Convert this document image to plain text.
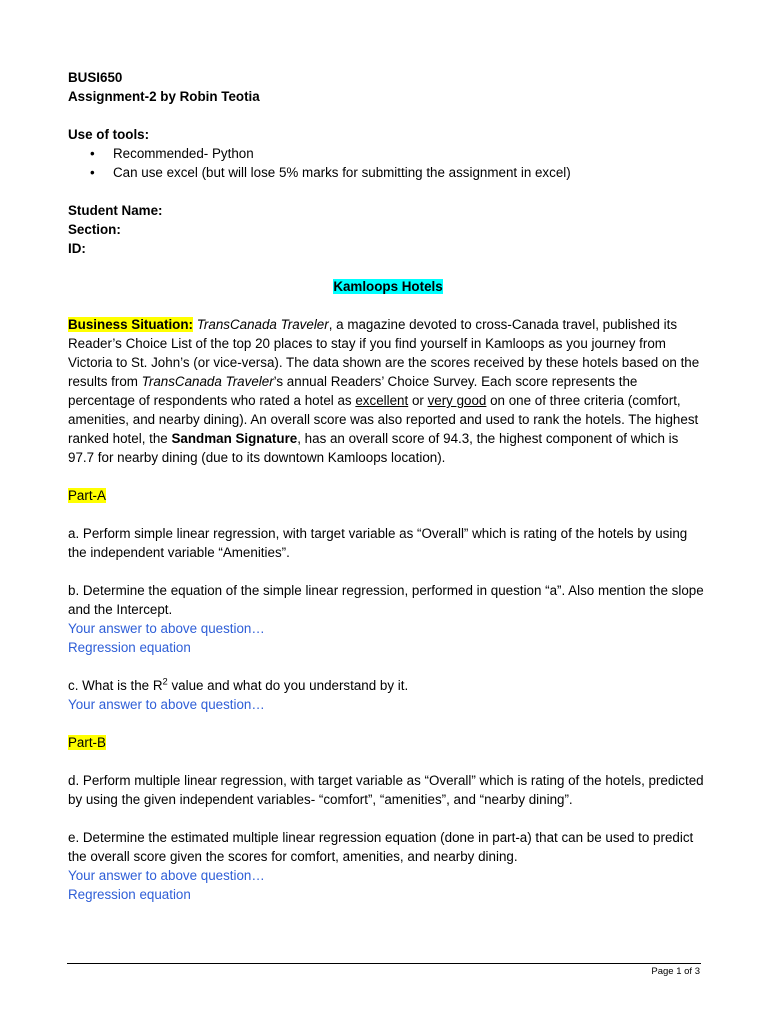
BUSI650
Assignment-2 by Robin Teotia
Use of tools:
• Recommended- Python
• Can use excel (but will lose 5% marks for submitting the assignment in excel)
Student Name:
Section:
ID:
Kamloops Hotels

Business Situation: TransCanada Traveler, a magazine devoted to cross-Canada travel, published its Reader’s Choice List of the top 20 places to stay if you find yourself in Kamloops as you journey from Victoria to St. John’s (or vice-versa). The data shown are the scores received by these hotels based on the results from TransCanada Traveler’s annual Readers’ Choice Survey. Each score represents the percentage of respondents who rated a hotel as excellent or very good on one of three criteria (comfort, amenities, and nearby dining). An overall score was also reported and used to rank the hotels. The highest ranked hotel, the Sandman Signature, has an overall score of 94.3, the highest component of which is 97.7 for nearby dining (due to its downtown Kamloops location).

Part-A

a. Perform simple linear regression, with target variable as “Overall” which is rating of the hotels by using the independent variable “Amenities”.

b. Determine the equation of the simple linear regression, performed in question “a”. Also mention the slope and the Intercept.

Your answer to above question…
Regression equation
c. What is the $R^2$ value and what do you understand by it.
Your answer to above question…
Part-B

d. Perform multiple linear regression, with target variable as “Overall” which is rating of the hotels, predicted by using the given independent variables- “comfort”, “amenities”, and “nearby dining”.

e. Determine the estimated multiple linear regression equation (done in part-a) that can be used to predict the overall score given the scores for comfort, amenities, and nearby dining.

Your answer to above question…
Regression equation
Page 1 of 3
